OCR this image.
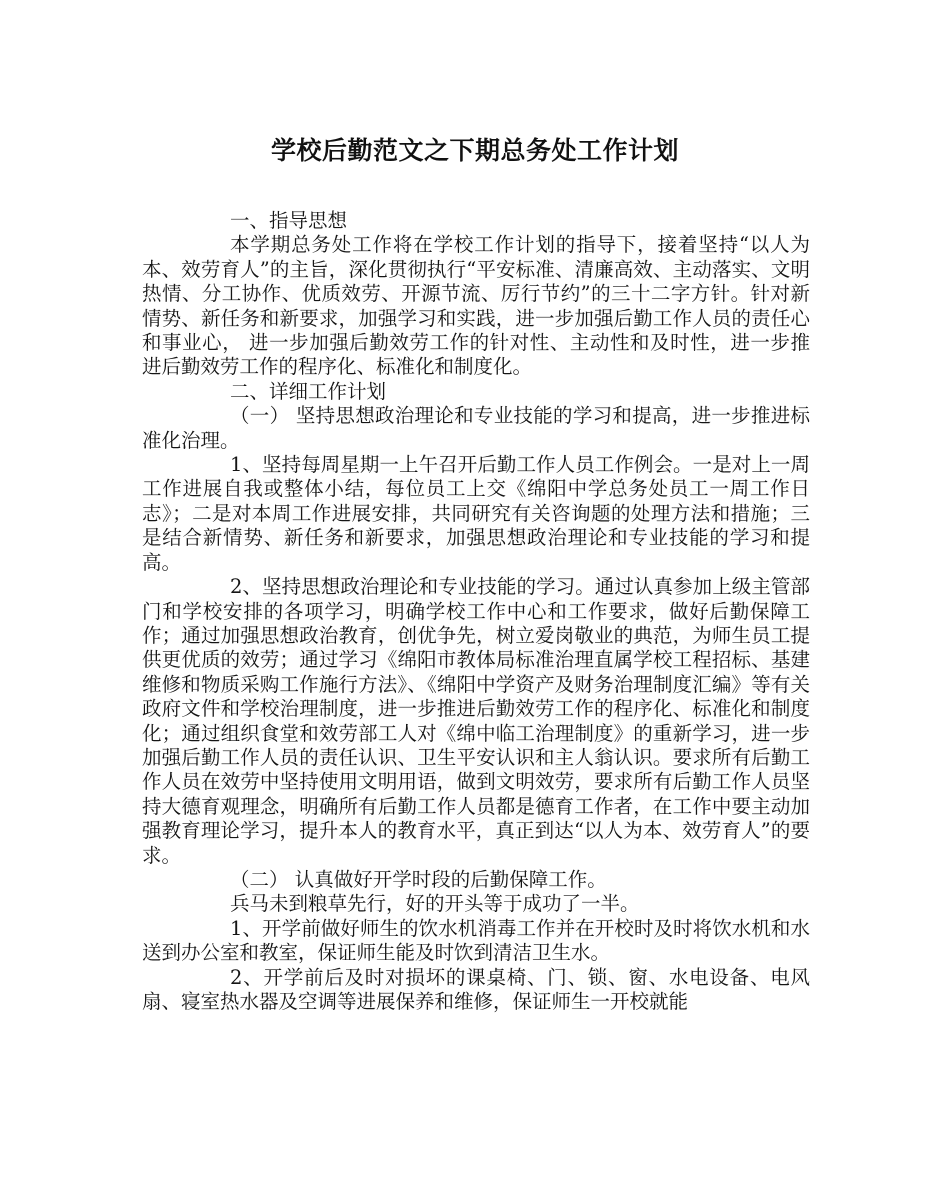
学校后勤范文之下期总务处工作计划

一、指导思想

本学期总务处工作将在学校工作计划的指导下，接着坚持“以人为本、效劳育人”的主旨，深化贯彻执行“平安标准、清廉高效、主动落实、文明热情、分工协作、优质效劳、开源节流、厉行节约”的三十二字方针。针对新情势、新任务和新要求，加强学习和实践，进一步加强后勤工作人员的责任心和事业心， 进一步加强后勤效劳工作的针对性、主动性和及时性，进一步推进后勤效劳工作的程序化、标准化和制度化。

二、详细工作计划

（一） 坚持思想政治理论和专业技能的学习和提高，进一步推进标准化治理。

1、坚持每周星期一上午召开后勤工作人员工作例会。一是对上一周工作进展自我或整体小结，每位员工上交《绵阳中学总务处员工一周工作日志》；二是对本周工作进展安排，共同研究有关咨询题的处理方法和措施；三是结合新情势、新任务和新要求，加强思想政治理论和专业技能的学习和提高。

2、坚持思想政治理论和专业技能的学习。通过认真参加上级主管部门和学校安排的各项学习，明确学校工作中心和工作要求，做好后勤保障工作；通过加强思想政治教育，创优争先，树立爱岗敬业的典范，为师生员工提供更优质的效劳；通过学习《绵阳市教体局标准治理直属学校工程招标、基建维修和物质采购工作施行方法》、《绵阳中学资产及财务治理制度汇编》等有关政府文件和学校治理制度，进一步推进后勤效劳工作的程序化、标准化和制度化；通过组织食堂和效劳部工人对《绵中临工治理制度》的重新学习，进一步加强后勤工作人员的责任认识、卫生平安认识和主人翁认识。要求所有后勤工作人员在效劳中坚持使用文明用语，做到文明效劳，要求所有后勤工作人员坚持大德育观理念，明确所有后勤工作人员都是德育工作者，在工作中要主动加强教育理论学习，提升本人的教育水平，真正到达“以人为本、效劳育人”的要求。

（二） 认真做好开学时段的后勤保障工作。

兵马未到粮草先行，好的开头等于成功了一半。

1、开学前做好师生的饮水机消毒工作并在开校时及时将饮水机和水送到办公室和教室，保证师生能及时饮到清洁卫生水。

2、开学前后及时对损坏的课桌椅、门、锁、窗、水电设备、电风扇、寝室热水器及空调等进展保养和维修，保证师生一开校就能
